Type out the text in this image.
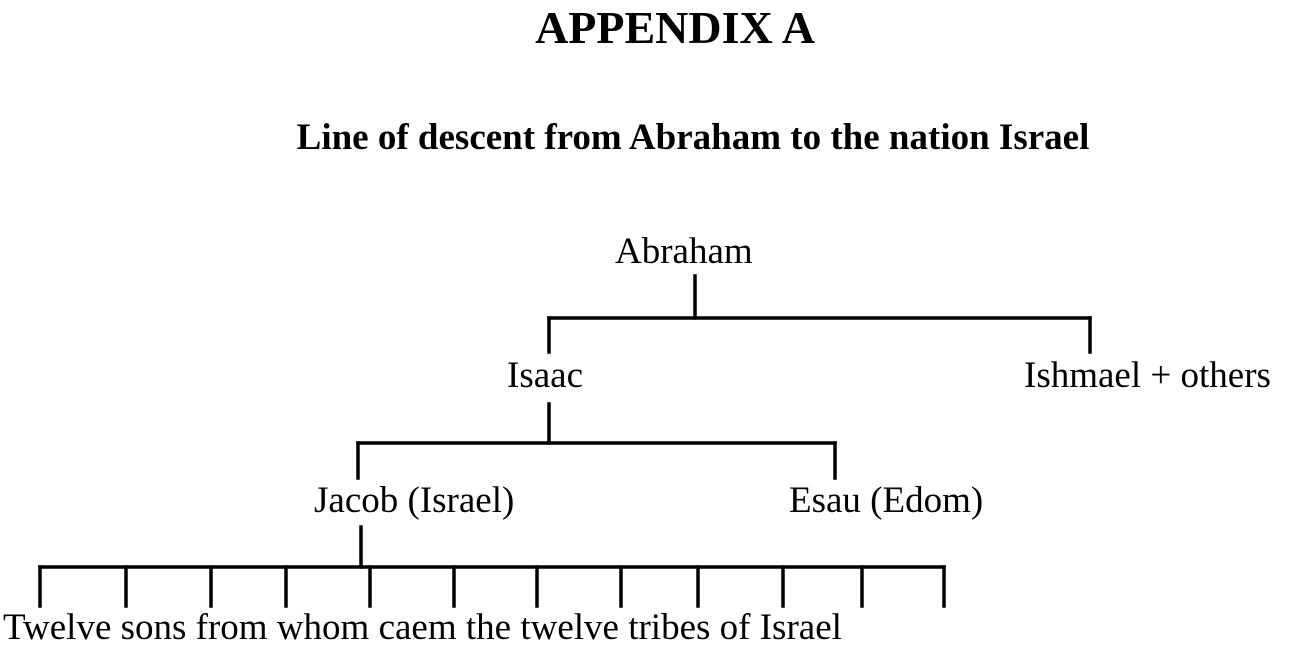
APPENDIX A
Line of descent from Abraham to the nation Israel
Abraham
Isaac	Ishmael + others
Jacob (Israel)	Esau (Edom)
Twelve sons from whom caem the twelve tribes of Israel
